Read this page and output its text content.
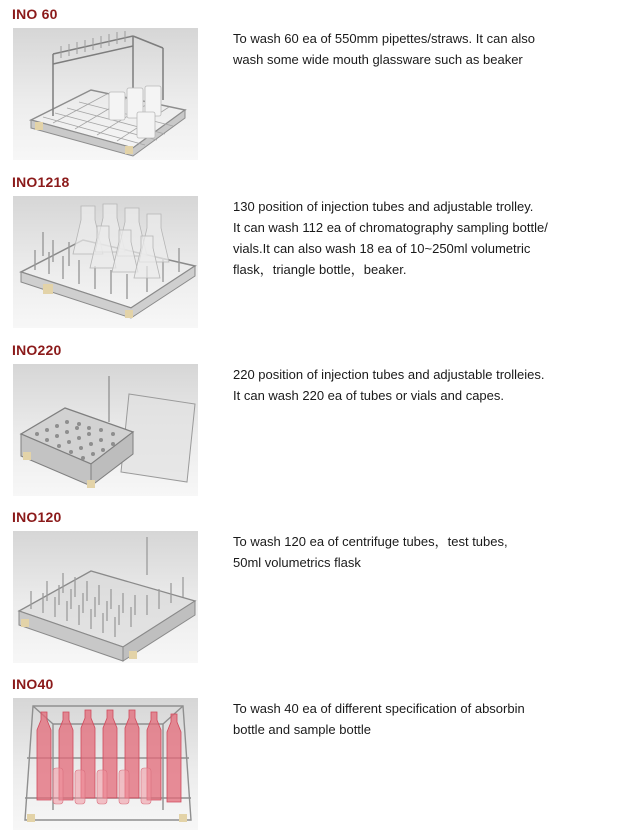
INO 60
To wash 60 ea of 550mm pipettes/straws. It can also
wash some wide mouth glassware such as beaker
INO1218
130 position of injection tubes and adjustable trolley.
It can wash 112 ea of chromatography sampling bottle/
vials.It can also wash 18 ea of 10~250ml volumetric
flask，triangle bottle，beaker.
INO220
220 position of injection tubes and adjustable trolleies.
It can wash 220 ea of tubes or vials and capes.
INO120
To wash 120 ea of centrifuge tubes，test tubes,
50ml volumetrics flask
INO40
To wash 40 ea of different specification of absorbin
bottle and sample bottle
